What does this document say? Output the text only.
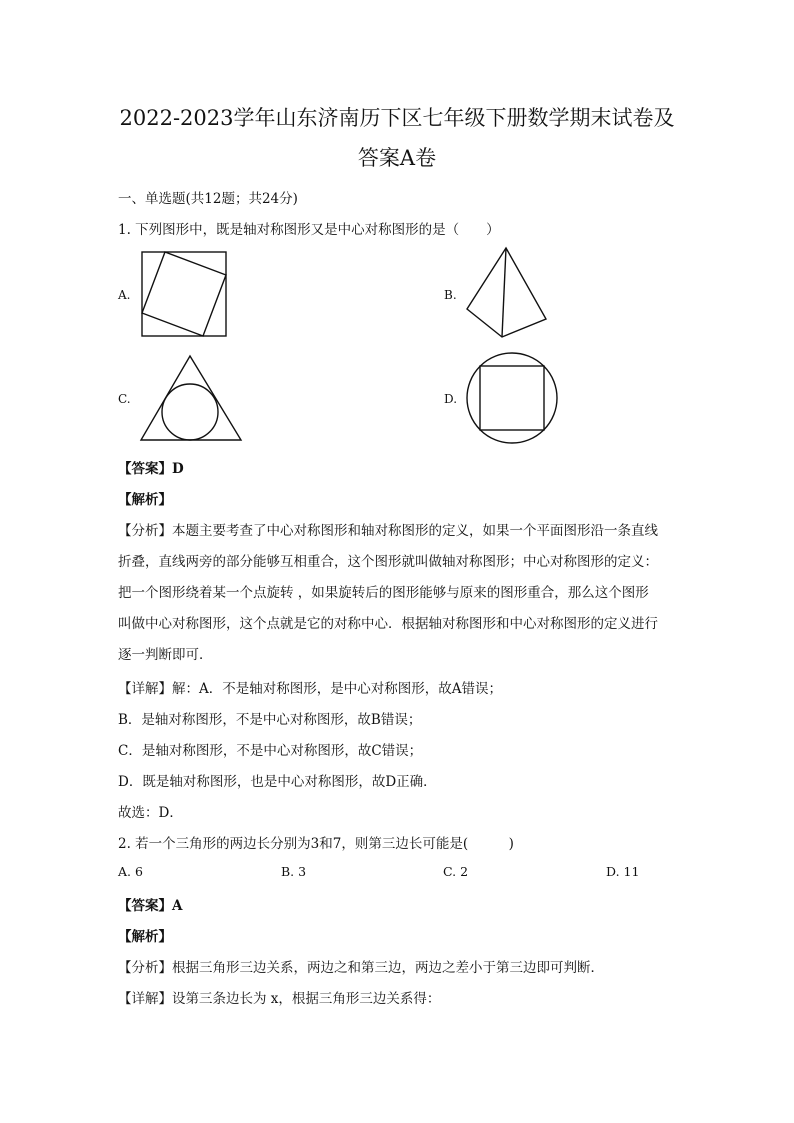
2022-2023学年山东济南历下区七年级下册数学期末试卷及
答案A卷
一、单选题(共12题；共24分)
1. 下列图形中，既是轴对称图形又是中心对称图形的是（　　）
A.	B.
C.	D.
【答案】D
【解析】
【分析】本题主要考查了中心对称图形和轴对称图形的定义，如果一个平面图形沿一条直线
折叠，直线两旁的部分能够互相重合，这个图形就叫做轴对称图形；中心对称图形的定义：
把一个图形绕着某一个点旋转 ，如果旋转后的图形能够与原来的图形重合，那么这个图形
叫做中心对称图形，这个点就是它的对称中心．根据轴对称图形和中心对称图形的定义进行
逐一判断即可．
【详解】解：A．不是轴对称图形，是中心对称图形，故A错误；
B．是轴对称图形，不是中心对称图形，故B错误；
C．是轴对称图形，不是中心对称图形，故C错误；
D．既是轴对称图形，也是中心对称图形，故D正确．
故选：D．
2. 若一个三角形的两边长分别为3和7，则第三边长可能是(　　　)
A. 6	B. 3	C. 2	D. 11
【答案】A
【解析】
【分析】根据三角形三边关系，两边之和第三边，两边之差小于第三边即可判断．
【详解】设第三条边长为 x，根据三角形三边关系得：
